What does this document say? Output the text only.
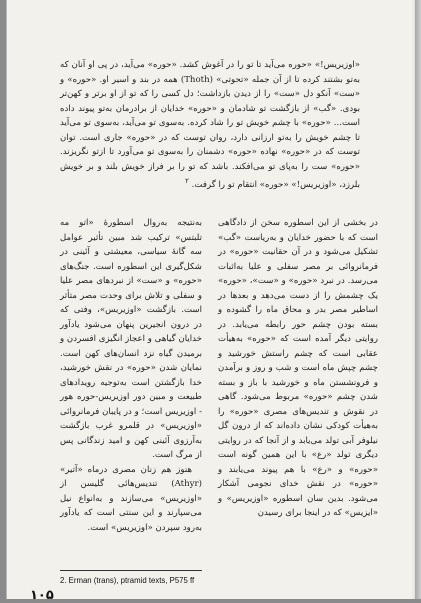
«اوزیریس!» «حوره می‌آید تا تو را در آغوش کشد. «حوره» می‌آید، در پی او آنان که به‌تو بشتند کرده تا از آن جمله «تحوتی» (Thoth) همه در بند و اسیر او. «حوره» و «ست» آنکو دل «ست» را از دیدن بازداشت؛ دل کسی را که تو از او برتر و کهن‌تر بودی. «گب» از بازگشت تو شادمان و «حوره» خدایان از برادرمان به‌تو پیوند داده است... «حوره» با چشم خویش تو را شاد کرده. به‌سوی تو می‌آید، به‌سوی تو می‌آید تا چشم خویش را به‌تو ارزانی دارد، روان توست که در «حوره» جاری است. توان توست که در «حوره» نهاده «حوره» دشمنان را به‌سوی تو می‌آورد تا ازتو نگریزند. «حوره» ست را به‌پای تو می‌افکند. باشد که تو را بر فراز خویش بلند و بر خویش بلرزد، «اوزیریس!» «حوره» انتقام تو را گرفت. $^۲$

در بخشی از این اسطوره سخن از دادگاهی است که با حضور خدایان و به‌ریاست «گب» تشکیل می‌شود و در آن حقانیت «حوره» در فرمانروائی بر مصر سفلی و علیا به‌اثبات می‌رسد. در نبرد «حوره» و «ست»، «حوره» یک چشمش را از دست می‌دهد و بعدها در اساطیر مصر بدر و محاق ماه را گشوده و بسته بودن چشم حور رابطه می‌یابد. در روایتی دیگر آمده است که «حوره» به‌هیأت عقابی است که چشم راستش خورشید و چشم چپش ماه است و شب و روز و برآمدن و فرونشستن ماه و خورشید با باز و بسته شدن چشم «حوره» مربوط می‌شود. گاهی در نقوش و تندیس‌های مصری «حوره» را به‌هیأت کودکی نشان داده‌اند که از درون گل نیلوفر آبی تولد می‌یابد و از آنجا که در روایتی دیگری تولد «رع» با این همین گونه است «حوره» و «رع» با هم پیوند می‌یابند و «حوره» در نقش خدای نجومی آشکار می‌شود. بدین سان اسطوره «اوزیریس» و «ایزیس» که در اینجا برای رسیدن

به‌نتیجه به‌روال اسطورهٔ «اتو مه تلبتس» ترکیب شد مبین تأثیر عوامل سه گانهٔ سیاسی، معیشتی و آئینی در شکل‌گیری این اسطوره است. جنگ‌های «حوره» و «ست» از نبردهای مصر علیا و سفلی و تلاش برای وحدت مصر متأثر است. بازگشت «اوزیریس»، وفتی که در درون انجیرین پنهان می‌شود یادآور خدایان گیاهی و اعجاز انگیزی افسردن و برمیدن گیاه نزد انسان‌های کهن است. نمایان شدن «حوره» در نقش خورشید، خدا بازگشتن است به‌توجیه رویدادهای طبیعت و مبین دور اوزیریس-حوره هور - اوزیریس است؛ و در پایبان فرمانروائی «اوزیریس» در قلمرو غرب بازگشت به‌آرزوی آئینی کهن و امید زندگانی پس از مرگ است.

هنوز هم زنان مصری درماه «آتیر» (Athyr) تندیس‌هائی گلیسن از «اوزیریس» می‌سازند و به‌انواع نیل می‌سپارند و این سنتی است که یادآور به‌رود سپردن «اوزیریس» است.

2. Erman (trans), ptramid texts, P575 ff
۱۰۵
